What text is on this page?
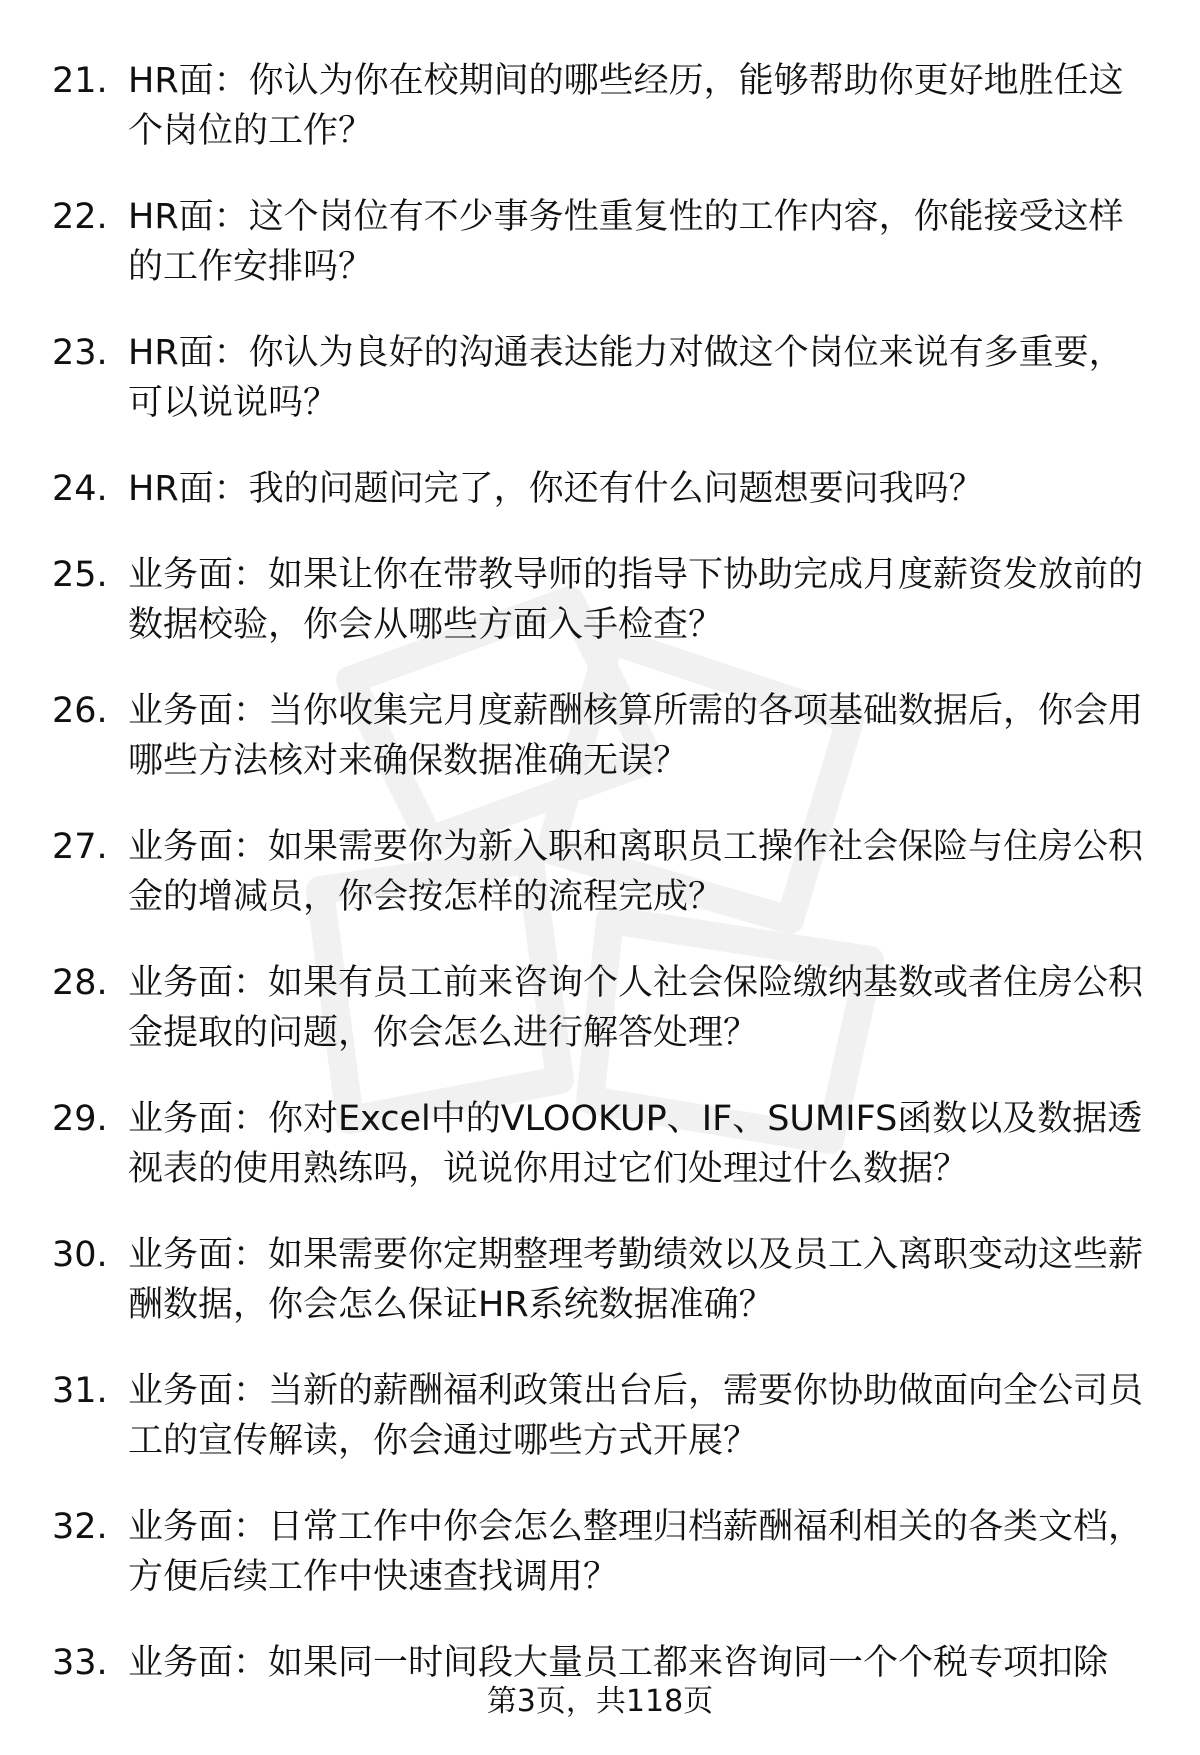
21. HR面：你认为你在校期间的哪些经历，能够帮助你更好地胜任这个岗位的工作？
22. HR面：这个岗位有不少事务性重复性的工作内容，你能接受这样的工作安排吗？
23. HR面：你认为良好的沟通表达能力对做这个岗位来说有多重要，可以说说吗？
24. HR面：我的问题问完了，你还有什么问题想要问我吗？
25. 业务面：如果让你在带教导师的指导下协助完成月度薪资发放前的数据校验，你会从哪些方面入手检查？
26. 业务面：当你收集完月度薪酬核算所需的各项基础数据后，你会用哪些方法核对来确保数据准确无误？
27. 业务面：如果需要你为新入职和离职员工操作社会保险与住房公积金的增减员，你会按怎样的流程完成？
28. 业务面：如果有员工前来咨询个人社会保险缴纳基数或者住房公积金提取的问题，你会怎么进行解答处理？
29. 业务面：你对Excel中的VLOOKUP、IF、SUMIFS函数以及数据透视表的使用熟练吗，说说你用过它们处理过什么数据？
30. 业务面：如果需要你定期整理考勤绩效以及员工入离职变动这些薪酬数据，你会怎么保证HR系统数据准确？
31. 业务面：当新的薪酬福利政策出台后，需要你协助做面向全公司员工的宣传解读，你会通过哪些方式开展？
32. 业务面：日常工作中你会怎么整理归档薪酬福利相关的各类文档，方便后续工作中快速查找调用？
33. 业务面：如果同一时间段大量员工都来咨询同一个个税专项扣除
第3页，共118页
